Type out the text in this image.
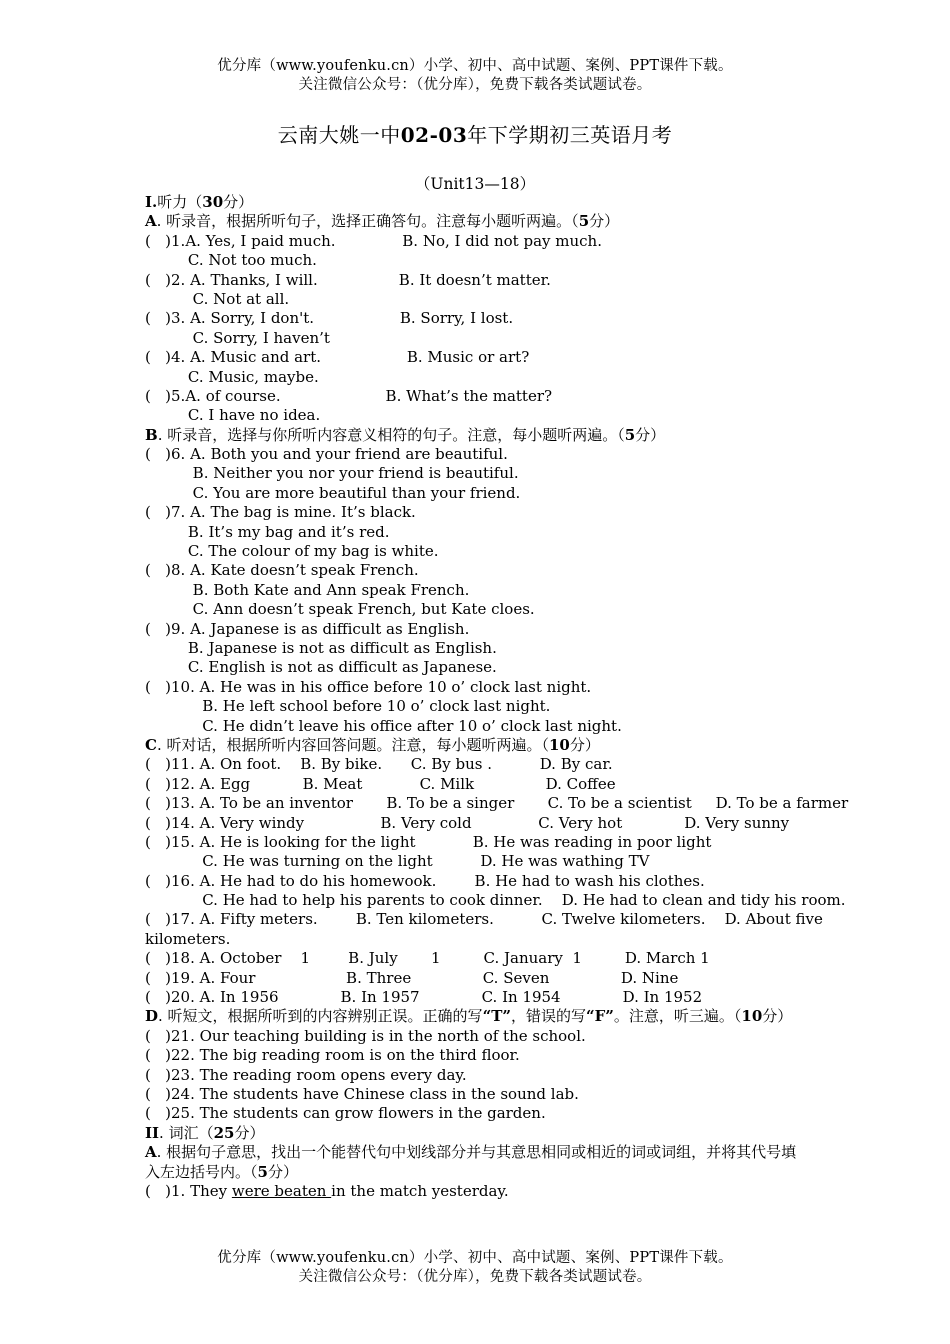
优分库（www.youfenku.cn）小学、初中、高中试题、案例、PPT课件下载。
关注微信公众号：（优分库），免费下载各类试题试卷。
云南大姚一中02-03年下学期初三英语月考
（Unit13—18）
I.听力（30分）
A. 听录音，根据所听句子，选择正确答句。注意每小题听两遍。（5分）
(   )1.A. Yes, I paid much.              B. No, I did not pay much.
C. Not too much.
(   )2. A. Thanks, I will.                 B. It doesn’t matter.
C. Not at all.
(   )3. A. Sorry, I don't.                  B. Sorry, I lost.
C. Sorry, I haven’t
(   )4. A. Music and art.                  B. Music or art?
C. Music, maybe.
(   )5.A. of course.                      B. What’s the matter?
C. I have no idea.
B. 听录音，选择与你所听内容意义相符的句子。注意，每小题听两遍。（5分）
(   )6. A. Both you and your friend are beautiful.
B. Neither you nor your friend is beautiful.
C. You are more beautiful than your friend.
(   )7. A. The bag is mine. It’s black.
B. It’s my bag and it’s red.
C. The colour of my bag is white.
(   )8. A. Kate doesn’t speak French.
B. Both Kate and Ann speak French.
C. Ann doesn’t speak French, but Kate cloes.
(   )9. A. Japanese is as difficult as English.
B. Japanese is not as difficult as English.
C. English is not as difficult as Japanese.
(   )10. A. He was in his office before 10 o’ clock last night.
B. He left school before 10 o’ clock last night.
C. He didn’t leave his office after 10 o’ clock last night.
C. 听对话，根据所听内容回答问题。注意，每小题听两遍。（10分）
(   )11. A. On foot.    B. By bike.      C. By bus .          D. By car.
(   )12. A. Egg           B. Meat            C. Milk               D. Coffee
(   )13. A. To be an inventor       B. To be a singer       C. To be a scientist     D. To be a farmer
(   )14. A. Very windy                B. Very cold              C. Very hot             D. Very sunny
(   )15. A. He is looking for the light            B. He was reading in poor light
C. He was turning on the light          D. He was wathing TV
(   )16. A. He had to do his homewook.        B. He had to wash his clothes.
C. He had to help his parents to cook dinner.    D. He had to clean and tidy his room.
(   )17. A. Fifty meters.        B. Ten kilometers.          C. Twelve kilometers.    D. About five
kilometers.
(   )18. A. October    1        B. July       1         C. January  1         D. March 1
(   )19. A. Four                   B. Three               C. Seven               D. Nine
(   )20. A. In 1956             B. In 1957             C. In 1954             D. In 1952
D. 听短文，根据所听到的内容辨别正误。正确的写“T”，错误的写“F”。注意，听三遍。（10分）
(   )21. Our teaching building is in the north of the school.
(   )22. The big reading room is on the third floor.
(   )23. The reading room opens every day.
(   )24. The students have Chinese class in the sound lab.
(   )25. The students can grow flowers in the garden.
II. 词汇（25分）
A. 根据句子意思，找出一个能替代句中划线部分并与其意思相同或相近的词或词组，并将其代号填入左边括号内。（5分）
(   )1. They were beaten in the match yesterday.
优分库（www.youfenku.cn）小学、初中、高中试题、案例、PPT课件下载。
关注微信公众号：（优分库），免费下载各类试题试卷。
